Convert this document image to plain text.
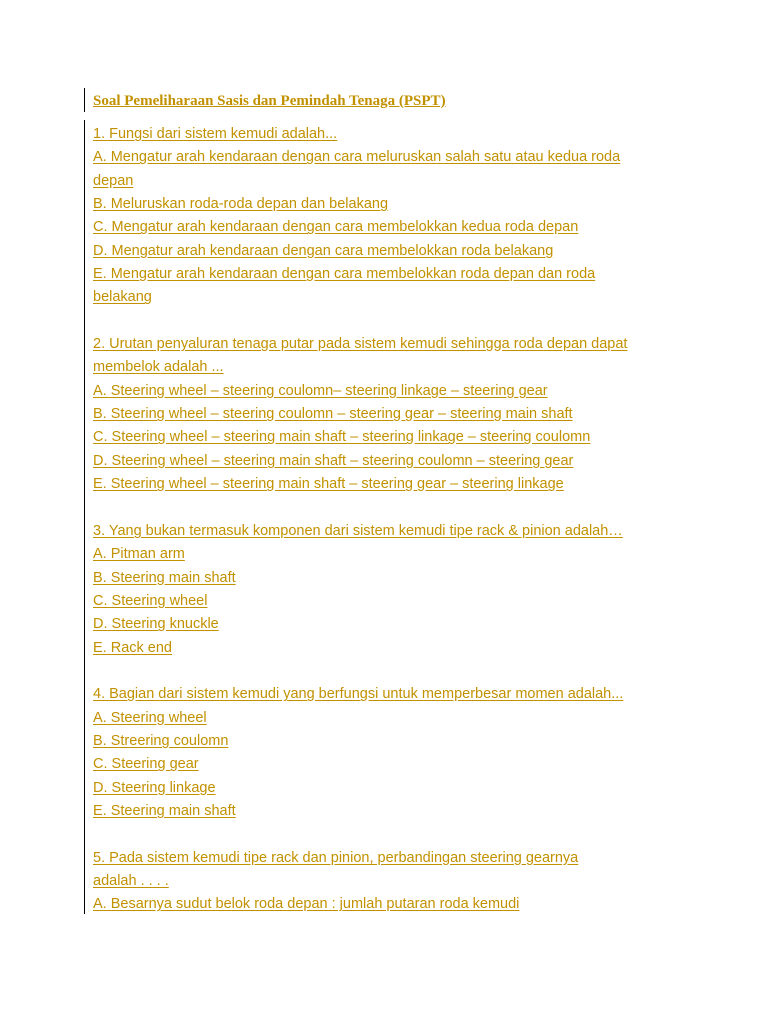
Soal Pemeliharaan Sasis dan Pemindah Tenaga (PSPT)
1. Fungsi dari sistem kemudi adalah...
A. Mengatur arah kendaraan dengan cara meluruskan salah satu atau kedua roda
depan
B. Meluruskan roda-roda depan dan belakang
C. Mengatur arah kendaraan dengan cara membelokkan kedua roda depan
D. Mengatur arah kendaraan dengan cara membelokkan roda belakang
E. Mengatur arah kendaraan dengan cara membelokkan roda depan dan roda
belakang
2. Urutan penyaluran tenaga putar pada sistem kemudi sehingga roda depan dapat
membelok adalah ...
A. Steering wheel – steering coulomn– steering linkage – steering gear
B. Steering wheel – steering coulomn – steering gear – steering main shaft
C. Steering wheel – steering main shaft – steering linkage – steering coulomn
D. Steering wheel – steering main shaft – steering coulomn – steering gear
E. Steering wheel – steering main shaft – steering gear – steering linkage
3. Yang bukan termasuk komponen dari sistem kemudi tipe rack & pinion adalah…
A. Pitman arm
B. Steering main shaft
C. Steering wheel
D. Steering knuckle
E. Rack end
4. Bagian dari sistem kemudi yang berfungsi untuk memperbesar momen adalah...
A. Steering wheel
B. Streering coulomn
C. Steering gear
D. Steering linkage
E. Steering main shaft
5. Pada sistem kemudi tipe rack dan pinion, perbandingan steering gearnya
adalah . . . .
A. Besarnya sudut belok roda depan : jumlah putaran roda kemudi
